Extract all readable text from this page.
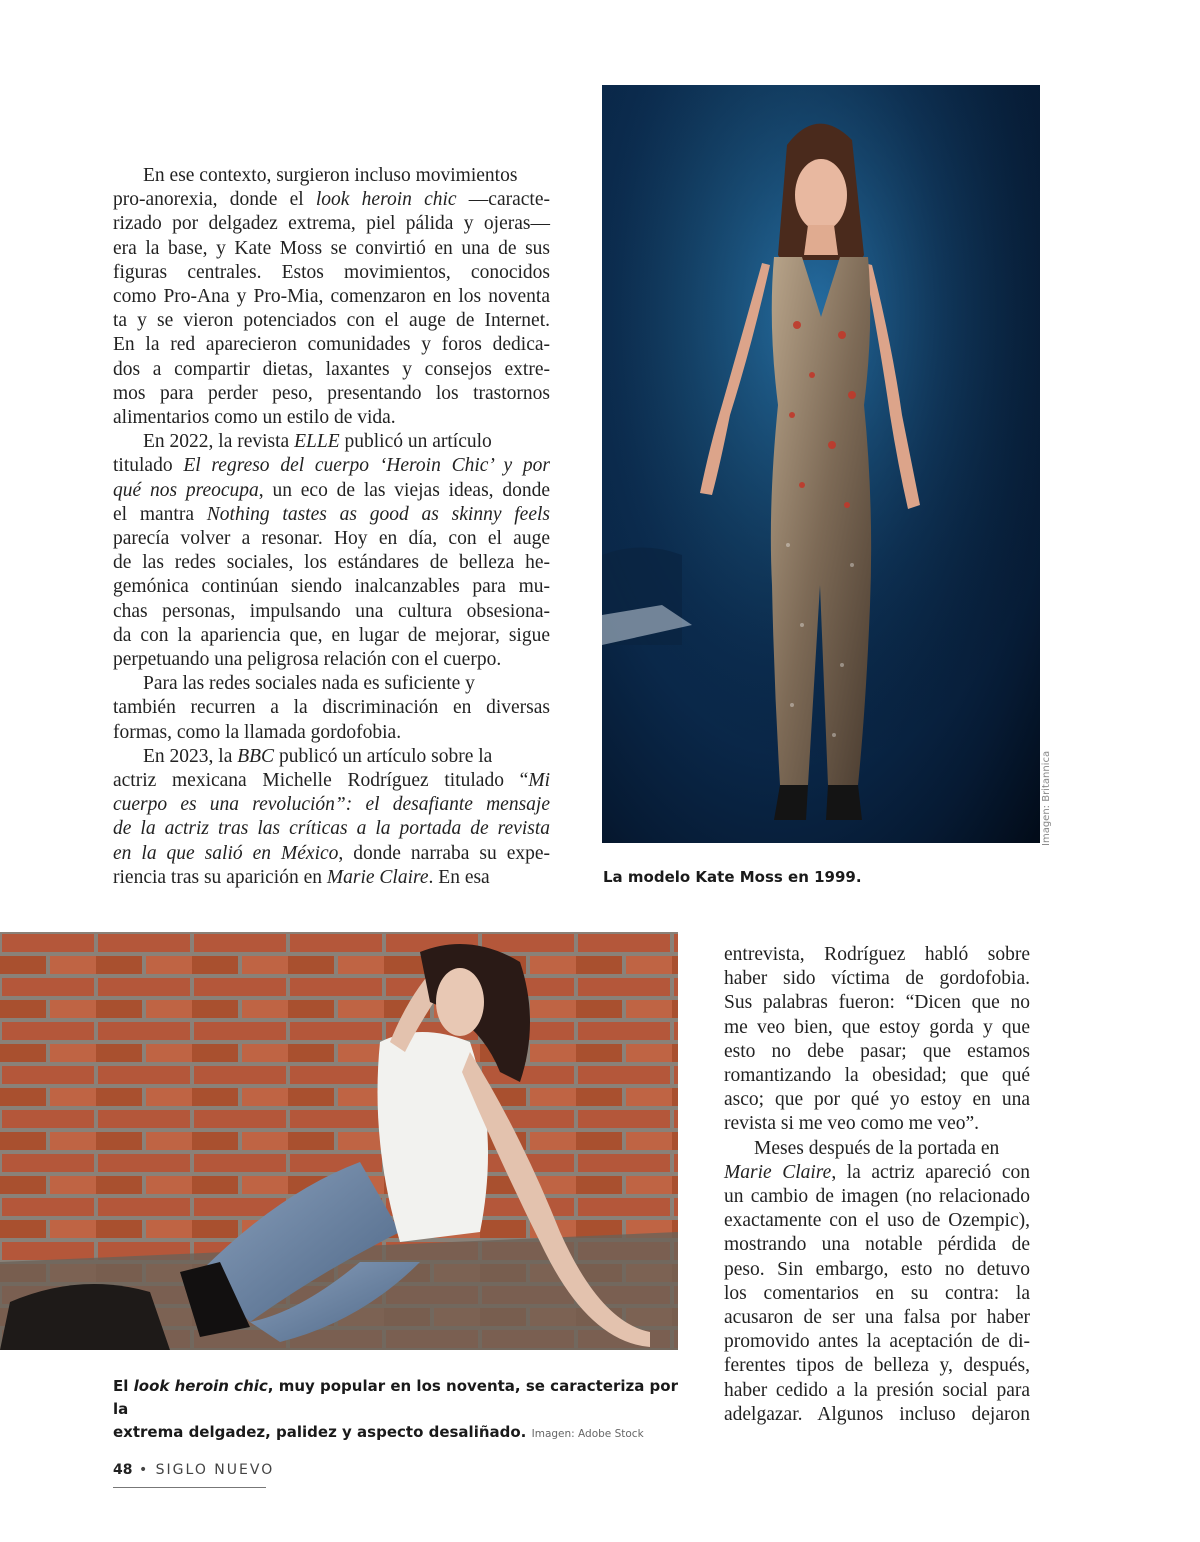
En ese contexto, surgieron incluso movimientos
pro-anorexia, donde el look heroin chic —caracte-
rizado por delgadez extrema, piel pálida y ojeras—
era la base, y Kate Moss se convirtió en una de sus
figuras centrales. Estos movimientos, conocidos
como Pro-Ana y Pro-Mia, comenzaron en los noventa
ta y se vieron potenciados con el auge de Internet.
En la red aparecieron comunidades y foros dedica-
dos a compartir dietas, laxantes y consejos extre-
mos para perder peso, presentando los trastornos
alimentarios como un estilo de vida.

En 2022, la revista ELLE publicó un artículo
titulado El regreso del cuerpo ‘Heroin Chic’ y por
qué nos preocupa, un eco de las viejas ideas, donde
el mantra Nothing tastes as good as skinny feels
parecía volver a resonar. Hoy en día, con el auge
de las redes sociales, los estándares de belleza he-
gemónica continúan siendo inalcanzables para mu-
chas personas, impulsando una cultura obsesiona-
da con la apariencia que, en lugar de mejorar, sigue
perpetuando una peligrosa relación con el cuerpo.

Para las redes sociales nada es suficiente y
también recurren a la discriminación en diversas
formas, como la llamada gordofobia.

En 2023, la BBC publicó un artículo sobre la
actriz mexicana Michelle Rodríguez titulado “Mi
cuerpo es una revolución”: el desafiante mensaje
de la actriz tras las críticas a la portada de revista
en la que salió en México, donde narraba su expe-
riencia tras su aparición en Marie Claire. En esa

Imagen: Britannica
La modelo Kate Moss en 1999.
El look heroin chic, muy popular en los noventa, se caracteriza por la
extrema delgadez, palidez y aspecto desaliñado. Imagen: Adobe Stock

entrevista, Rodríguez habló sobre
haber sido víctima de gordofobia.
Sus palabras fueron: “Dicen que no
me veo bien, que estoy gorda y que
esto no debe pasar; que estamos
romantizando la obesidad; que qué
asco; que por qué yo estoy en una
revista si me veo como me veo”.

Meses después de la portada en
Marie Claire, la actriz apareció con
un cambio de imagen (no relacionado
exactamente con el uso de Ozempic),
mostrando una notable pérdida de
peso. Sin embargo, esto no detuvo
los comentarios en su contra: la
acusaron de ser una falsa por haber
promovido antes la aceptación de di-
ferentes tipos de belleza y, después,
haber cedido a la presión social para
adelgazar. Algunos incluso dejaron

48 • SIGLO NUEVO
